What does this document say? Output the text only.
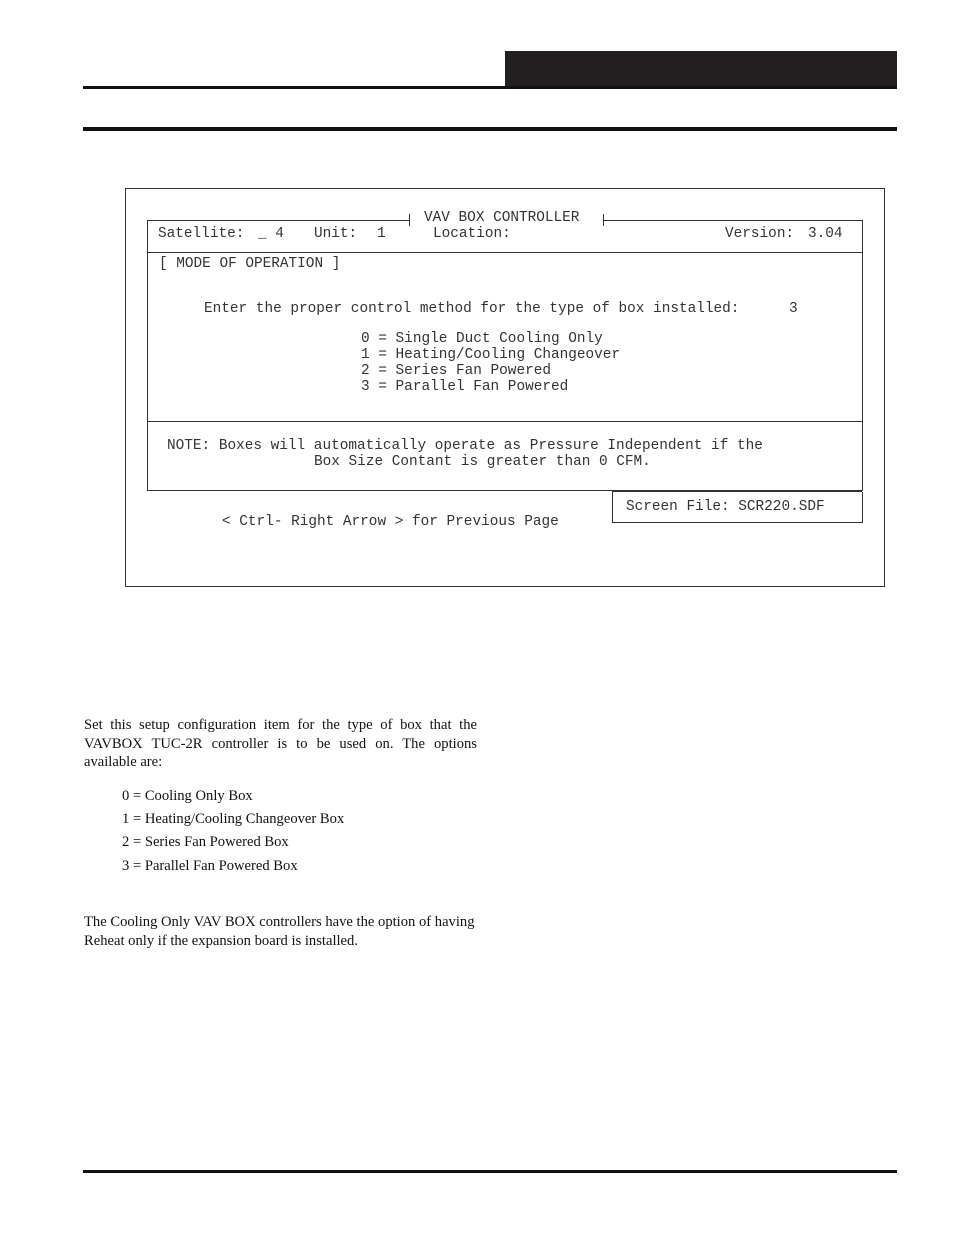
VAV BOX CONTROLLER
Satellite: _ 4 Unit: 1	Location:	Version: 3.04
[ MODE OF OPERATION ]
Enter the proper control method for the type of box installed:	3
0 = Single Duct Cooling Only
1 = Heating/Cooling Changeover
2 = Series Fan Powered
3 = Parallel Fan Powered
NOTE: Boxes will automatically operate as Pressure Independent if the
Box Size Contant is greater than 0 CFM.
Screen File: SCR220.SDF
< Ctrl- Right Arrow > for Previous Page
Set this setup configuration item for the type of box that the VAVBOX TUC-2R controller is to be used on. The options available are:
0 = Cooling Only Box
1 = Heating/Cooling Changeover Box
2 = Series Fan Powered Box
3 = Parallel Fan Powered Box
The Cooling Only VAV BOX controllers have the option of having Reheat only if the expansion board is installed.
